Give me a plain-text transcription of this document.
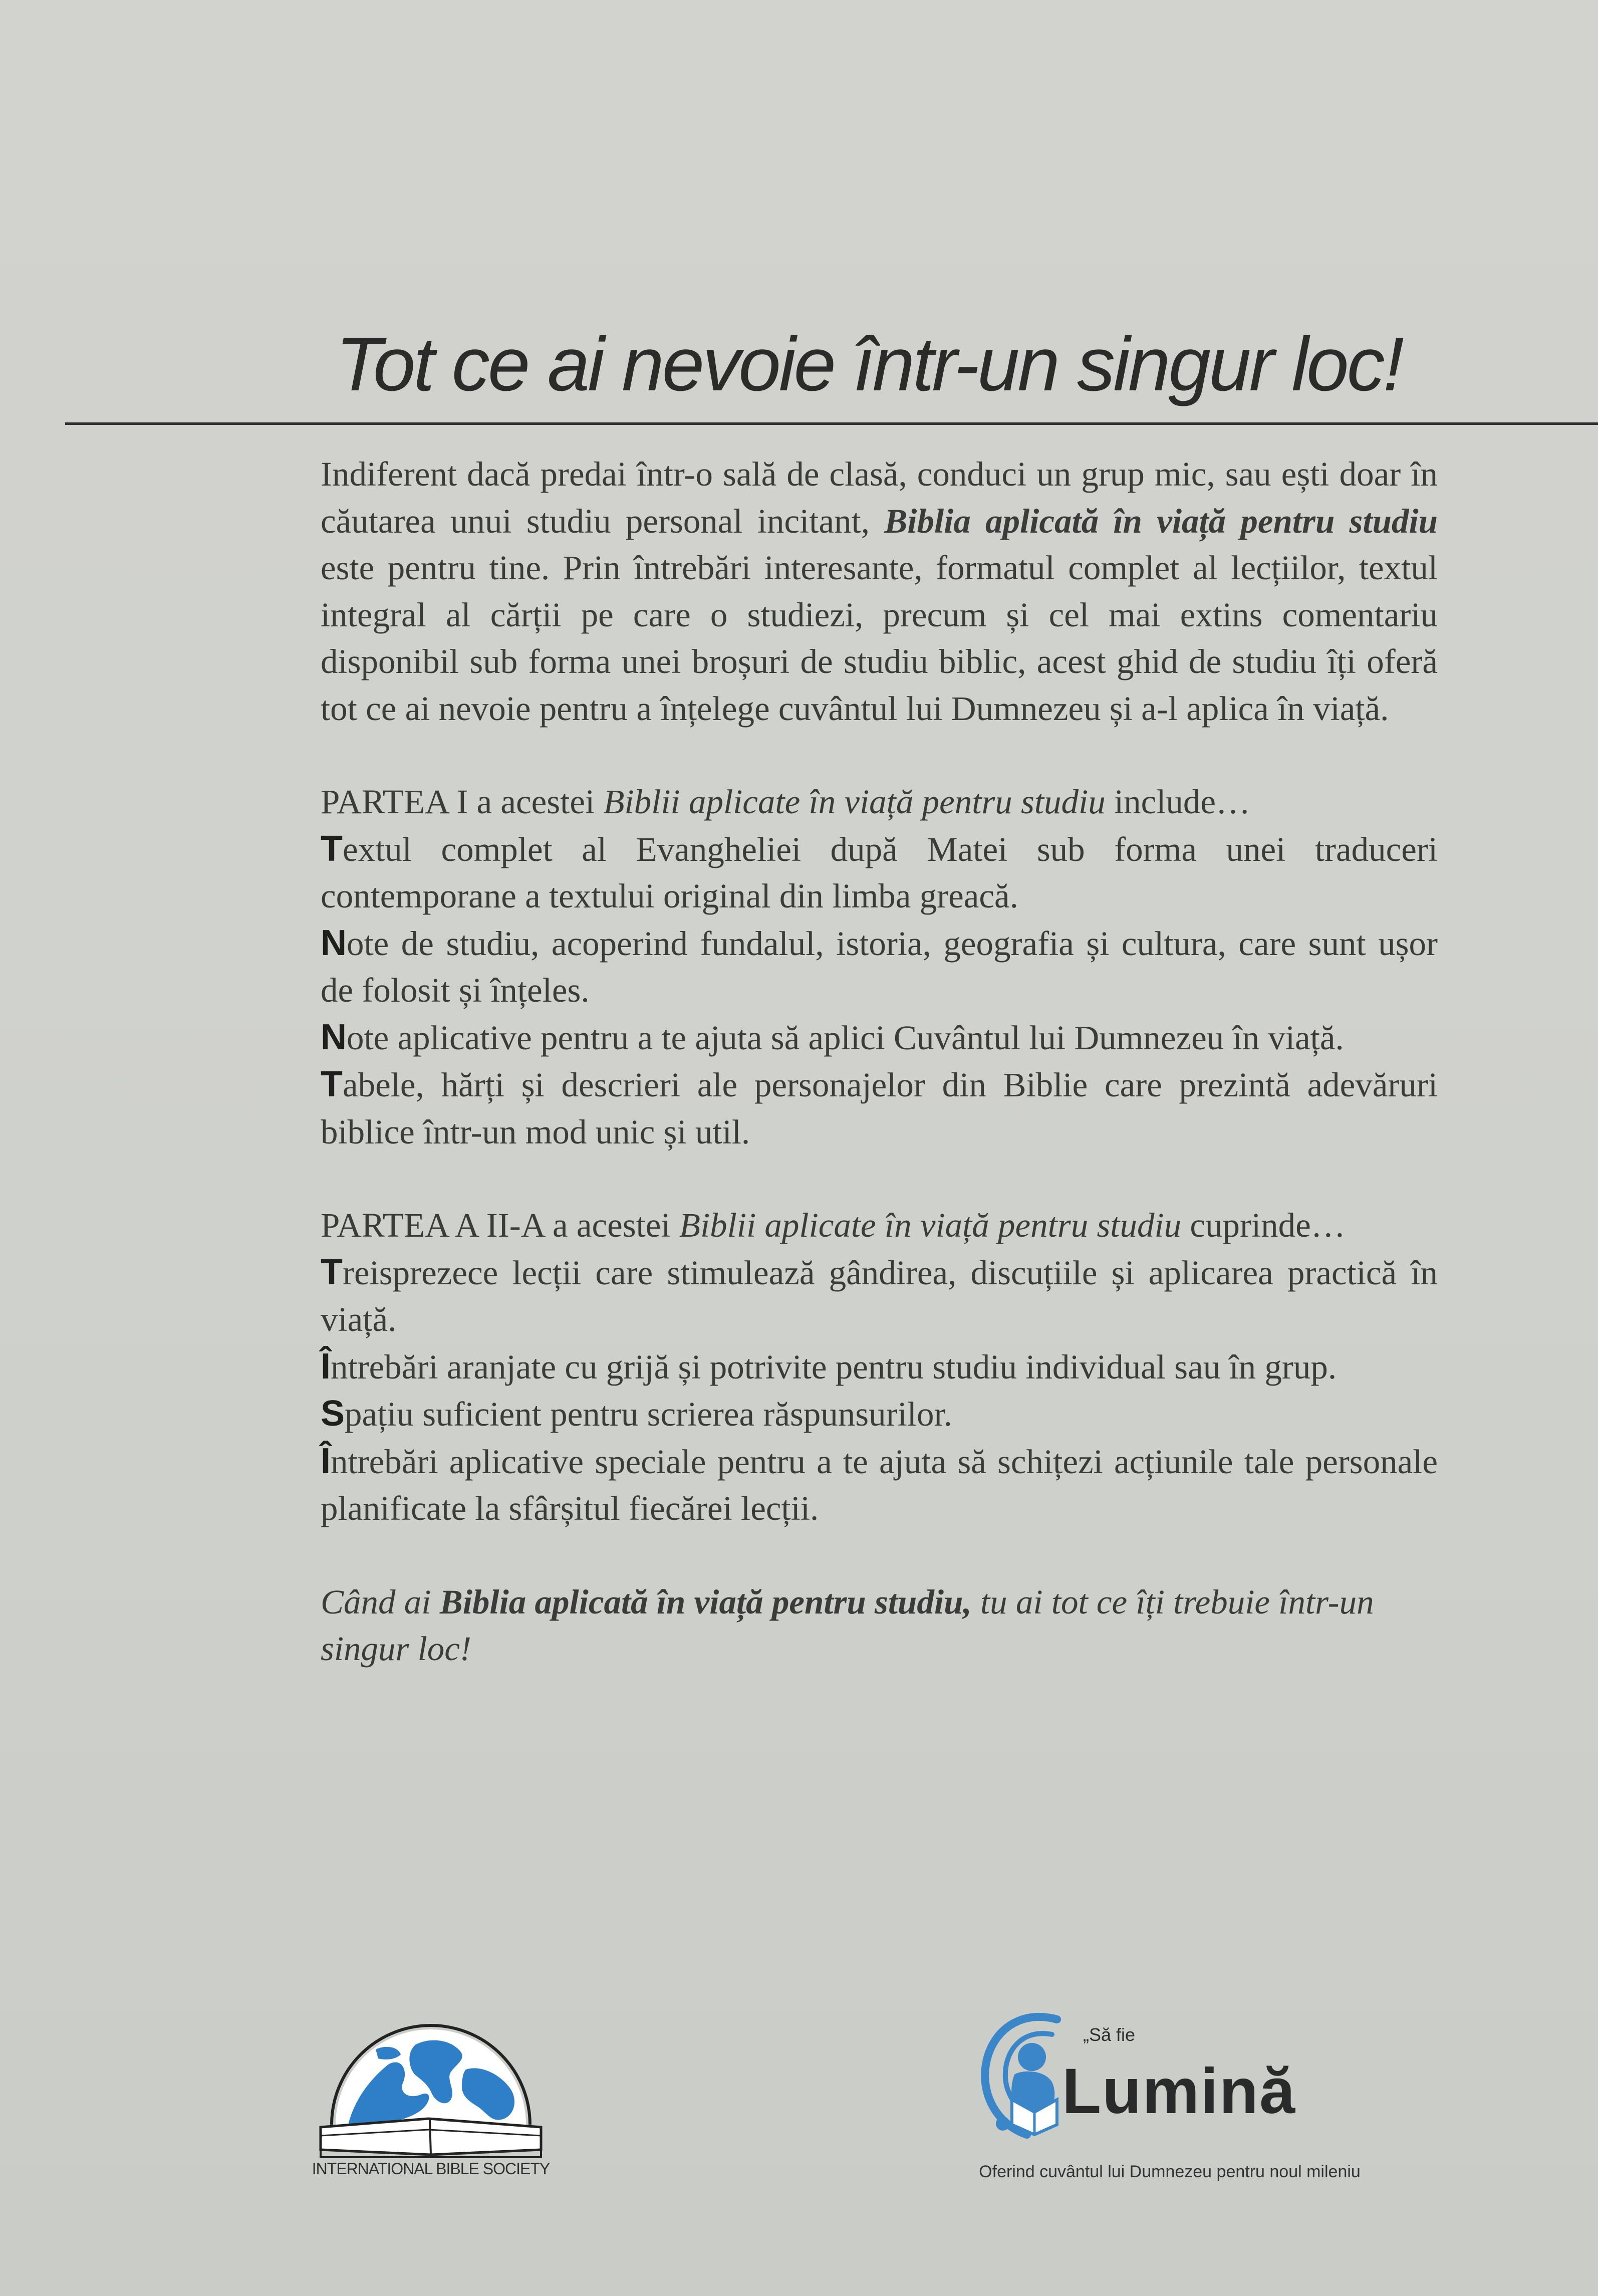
Tot ce ai nevoie într-un singur loc!

Indiferent dacă predai într-o sală de clasă, conduci un grup mic, sau ești doar în căutarea unui studiu personal incitant, Biblia aplicată în viață pentru studiu este pentru tine. Prin întrebări interesante, formatul complet al lecțiilor, textul integral al cărții pe care o studiezi, precum și cel mai extins comentariu disponibil sub forma unei broșuri de studiu biblic, acest ghid de studiu îți oferă tot ce ai nevoie pentru a înțelege cuvântul lui Dumnezeu și a-l aplica în viață.

PARTEA I a acestei Biblii aplicate în viață pentru studiu include…

Textul complet al Evangheliei după Matei sub forma unei traduceri contemporane a textului original din limba greacă.

Note de studiu, acoperind fundalul, istoria, geografia și cultura, care sunt ușor de folosit și înțeles.

Note aplicative pentru a te ajuta să aplici Cuvântul lui Dumnezeu în viață.

Tabele, hărți și descrieri ale personajelor din Biblie care prezintă adevăruri biblice într-un mod unic și util.

PARTEA A II-A a acestei Biblii aplicate în viață pentru studiu cuprinde…

Treisprezece lecții care stimulează gândirea, discuțiile și aplicarea practică în viață.

Întrebări aranjate cu grijă și potrivite pentru studiu individual sau în grup.

Spațiu suficient pentru scrierea răspunsurilor.

Întrebări aplicative speciale pentru a te ajuta să schițezi acțiunile tale personale planificate la sfârșitul fiecărei lecții.

Când ai Biblia aplicată în viață pentru studiu, tu ai tot ce îți trebuie într-un singur loc!

INTERNATIONAL BIBLE SOCIETY
„Să fie
Lumină
Oferind cuvântul lui Dumnezeu pentru noul mileniu
